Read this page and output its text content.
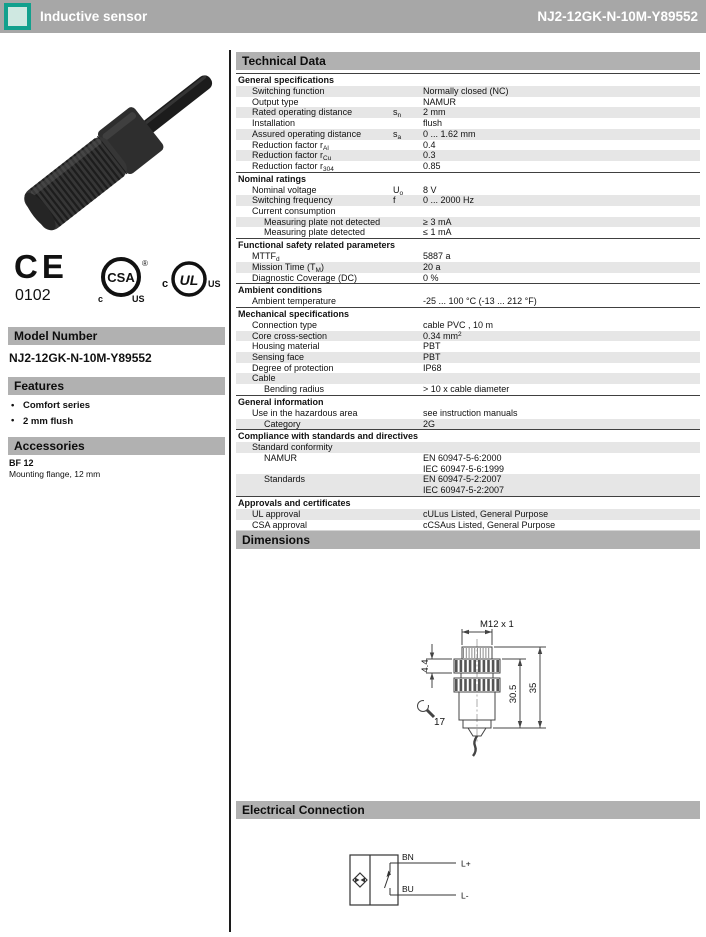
Inductive sensor	NJ2-12GK-N-10M-Y89552
CE
0102
CSA
®
c	US
UL
c	US
Model Number
NJ2-12GK-N-10M-Y89552
Features
• Comfort series
• 2 mm flush
Accessories
BF 12
Mounting flange, 12 mm
Technical Data
General specifications
Switching function	Normally closed (NC)
Output type	NAMUR
Rated operating distance	$s_n$	2 mm
Installation	flush
Assured operating distance	$s_a$	0 ... 1.62 mm
Reduction factor $r_{Al}$	0.4
Reduction factor $r_{Cu}$	0.3
Reduction factor $r_{304}$	0.85
Nominal ratings
Nominal voltage	$U_o$	8 V
Switching frequency	f	0 ... 2000 Hz
Current consumption
Measuring plate not detected	≥ 3 mA
Measuring plate detected	≤ 1 mA
Functional safety related parameters
$MTTF_d$	5887 a
Mission Time $(T_M)$	20 a
Diagnostic Coverage (DC)	0 %
Ambient conditions
Ambient temperature	-25 ... 100 °C (-13 ... 212 °F)
Mechanical specifications
Connection type	cable PVC , 10 m
Core cross-section	0.34 $mm^2$
Housing material	PBT
Sensing face	PBT
Degree of protection	IP68
Cable
Bending radius	> 10 x cable diameter
General information
Use in the hazardous area	see instruction manuals
Category	2G
Compliance with standards and directives
Standard conformity
NAMUR	EN 60947-5-6:2000
IEC 60947-5-6:1999
Standards	EN 60947-5-2:2007
IEC 60947-5-2:2007
Approvals and certificates
UL approval	cULus Listed, General Purpose
CSA approval	cCSAus Listed, General Purpose
Dimensions
M12 x 1
30.5 35
4.4
17
Electrical Connection
BN
L+
BU
L-
